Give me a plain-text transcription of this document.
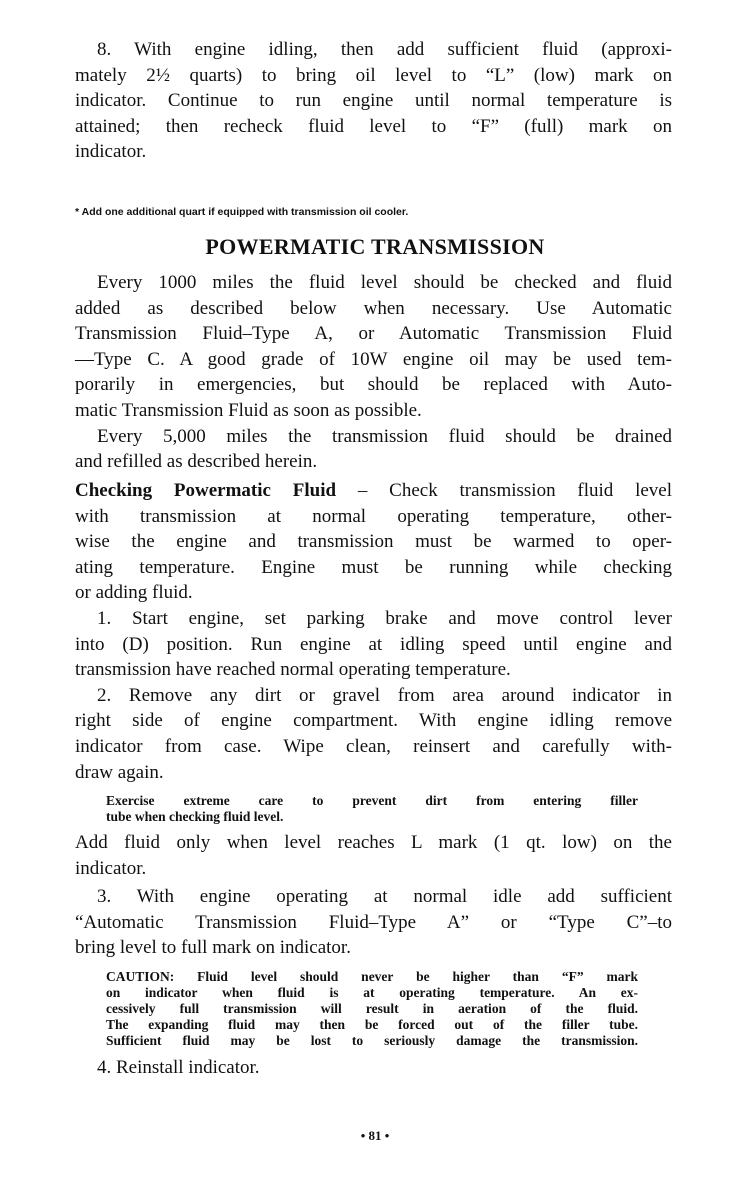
8. With engine idling, then add sufficient fluid (approxi-
mately 2½ quarts) to bring oil level to “L” (low) mark on
indicator. Continue to run engine until normal temperature is
attained; then recheck fluid level to “F” (full) mark on
indicator.
* Add one additional quart if equipped with transmission oil cooler.
POWERMATIC TRANSMISSION
Every 1000 miles the fluid level should be checked and fluid
added as described below when necessary. Use Automatic
Transmission Fluid–Type A, or Automatic Transmission Fluid
—Type C. A good grade of 10W engine oil may be used tem-
porarily in emergencies, but should be replaced with Auto-
matic Transmission Fluid as soon as possible.
Every 5,000 miles the transmission fluid should be drained
and refilled as described herein.
Checking Powermatic Fluid – Check transmission fluid level
with transmission at normal operating temperature, other-
wise the engine and transmission must be warmed to oper-
ating temperature. Engine must be running while checking
or adding fluid.
1. Start engine, set parking brake and move control lever
into (D) position. Run engine at idling speed until engine and
transmission have reached normal operating temperature.
2. Remove any dirt or gravel from area around indicator in
right side of engine compartment. With engine idling remove
indicator from case. Wipe clean, reinsert and carefully with-
draw again.
Exercise extreme care to prevent dirt from entering filler
tube when checking fluid level.
Add fluid only when level reaches L mark (1 qt. low) on the
indicator.
3. With engine operating at normal idle add sufficient
“Automatic Transmission Fluid–Type A” or “Type C”–to
bring level to full mark on indicator.
CAUTION: Fluid level should never be higher than “F” mark
on indicator when fluid is at operating temperature. An ex-
cessively full transmission will result in aeration of the fluid.
The expanding fluid may then be forced out of the filler tube.
Sufficient fluid may be lost to seriously damage the transmission.
4. Reinstall indicator.
• 81 •
